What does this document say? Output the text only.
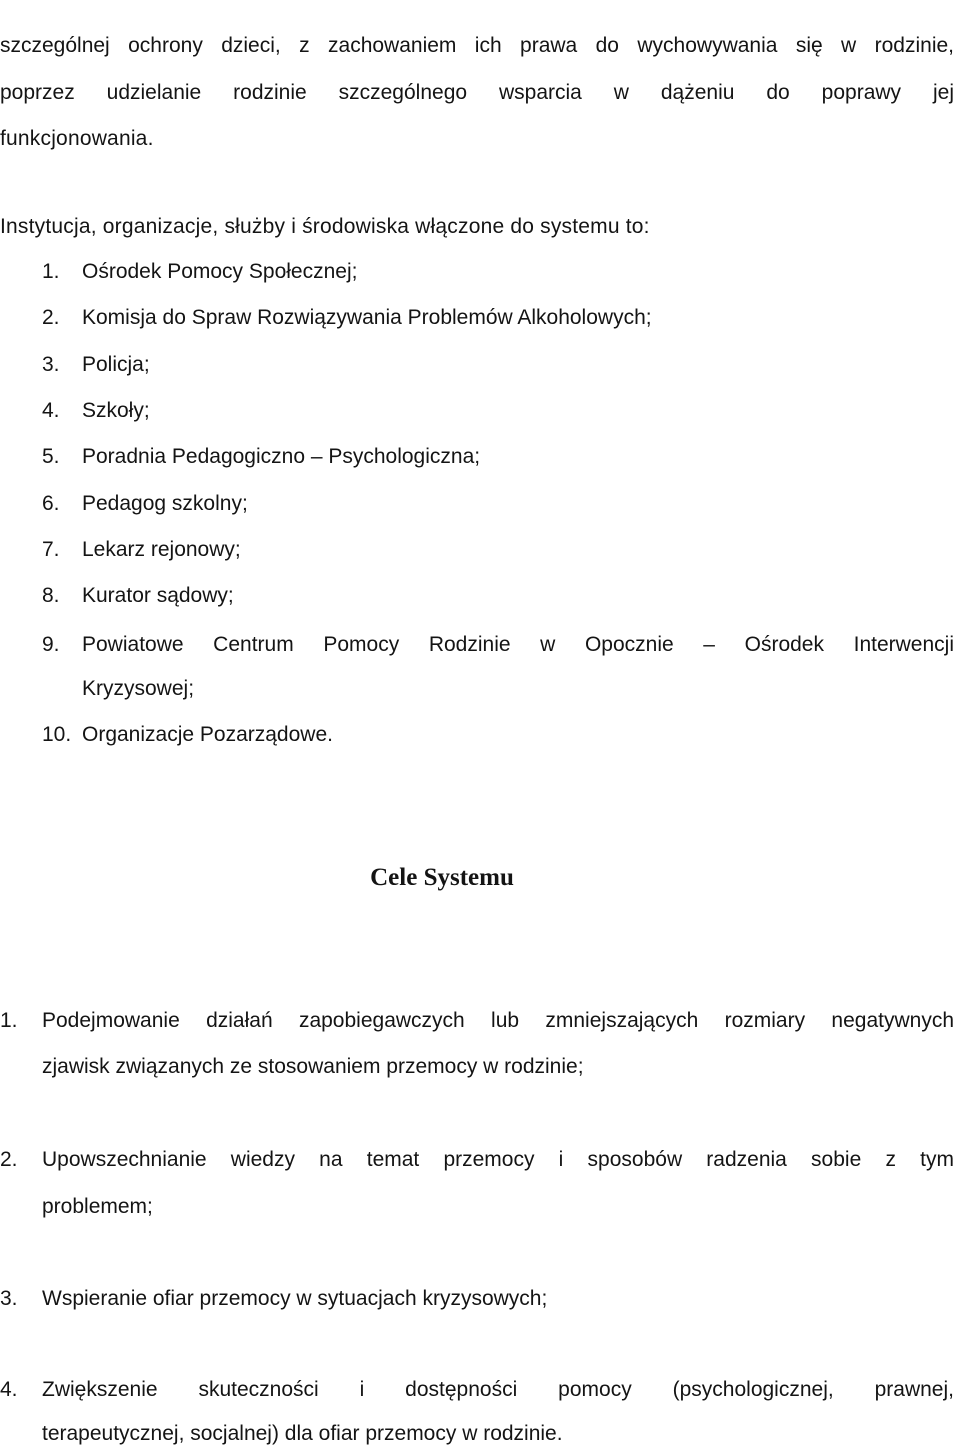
szczególnej ochrony dzieci, z zachowaniem ich prawa do wychowywania się w rodzinie,
poprzez udzielanie rodzinie szczególnego wsparcia w dążeniu do poprawy jej
funkcjonowania.
Instytucja, organizacje, służby i środowiska włączone do systemu to:
1. Ośrodek Pomocy Społecznej;
2. Komisja do Spraw Rozwiązywania Problemów Alkoholowych;
3. Policja;
4. Szkoły;
5. Poradnia Pedagogiczno – Psychologiczna;
6. Pedagog szkolny;
7. Lekarz rejonowy;
8. Kurator sądowy;
9. Powiatowe Centrum Pomocy Rodzinie w Opocznie – Ośrodek Interwencji
Kryzysowej;
10. Organizacje Pozarządowe.
Cele Systemu
1. Podejmowanie działań zapobiegawczych lub zmniejszających rozmiary negatywnych
zjawisk związanych ze stosowaniem przemocy w rodzinie;
2. Upowszechnianie wiedzy na temat przemocy i sposobów radzenia sobie z tym
problemem;
3. Wspieranie ofiar przemocy w sytuacjach kryzysowych;
4. Zwiększenie skuteczności i dostępności pomocy (psychologicznej, prawnej,
terapeutycznej, socjalnej) dla ofiar przemocy w rodzinie.
